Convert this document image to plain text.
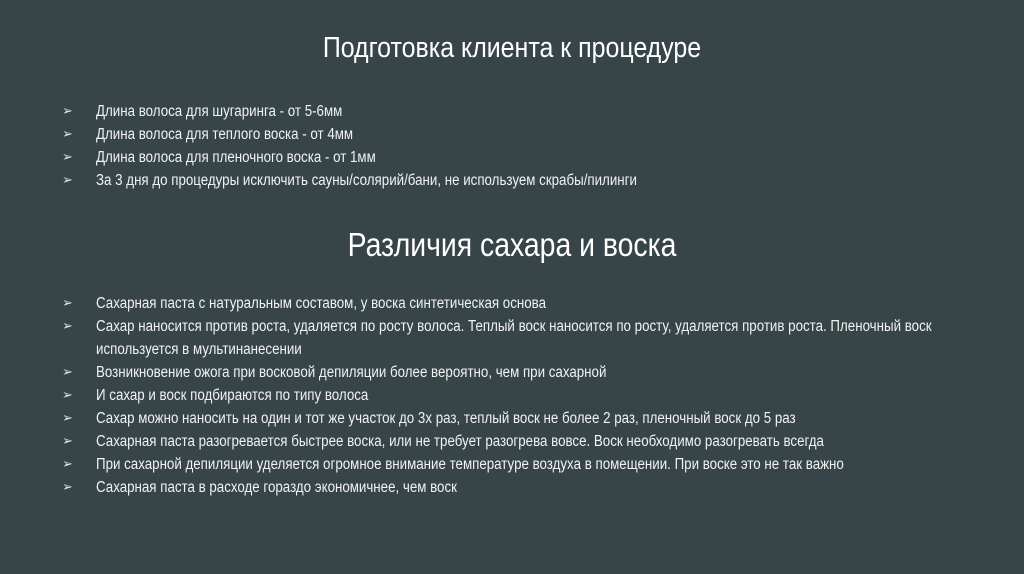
Подготовка клиента к процедуре
➢	Длина волоса для шугаринга - от 5-6мм
➢	Длина волоса для теплого воска - от 4мм
➢	Длина волоса для пленочного воска - от 1мм
➢	За 3 дня до процедуры исключить сауны/солярий/бани, не используем скрабы/пилинги
Различия сахара и воска
➢	Сахарная паста с натуральным составом, у воска синтетическая основа
➢	Сахар наносится против роста, удаляется по росту волоса. Теплый воск наносится по росту, удаляется против роста. Пленочный воск используется в мультинанесении
➢	Возникновение ожога при восковой депиляции более вероятно, чем при сахарной
➢	И сахар и воск подбираются по типу волоса
➢	Сахар можно наносить на один и тот же участок до 3х раз, теплый воск не более 2 раз, пленочный воск до 5 раз
➢	Сахарная паста разогревается быстрее воска, или не требует разогрева вовсе. Воск необходимо разогревать всегда
➢	При сахарной депиляции уделяется огромное внимание температуре воздуха в помещении. При воске это не так важно
➢	Сахарная паста в расходе гораздо экономичнее, чем воск
